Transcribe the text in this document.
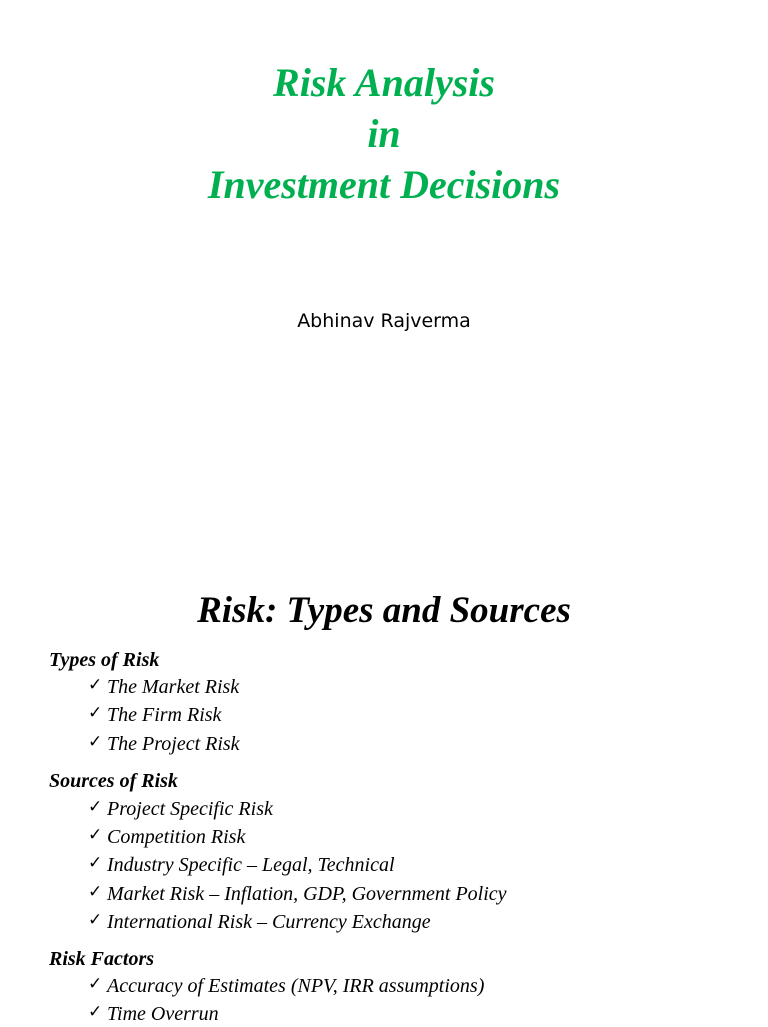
Risk Analysis
in
Investment Decisions
Abhinav Rajverma
Risk: Types and Sources
Types of Risk
✓ The Market Risk
✓ The Firm Risk
✓ The Project Risk
Sources of Risk
✓ Project Specific Risk
✓ Competition Risk
✓ Industry Specific – Legal, Technical
✓ Market Risk – Inflation, GDP, Government Policy
✓ International Risk – Currency Exchange
Risk Factors
✓ Accuracy of Estimates (NPV, IRR assumptions)
✓ Time Overrun
